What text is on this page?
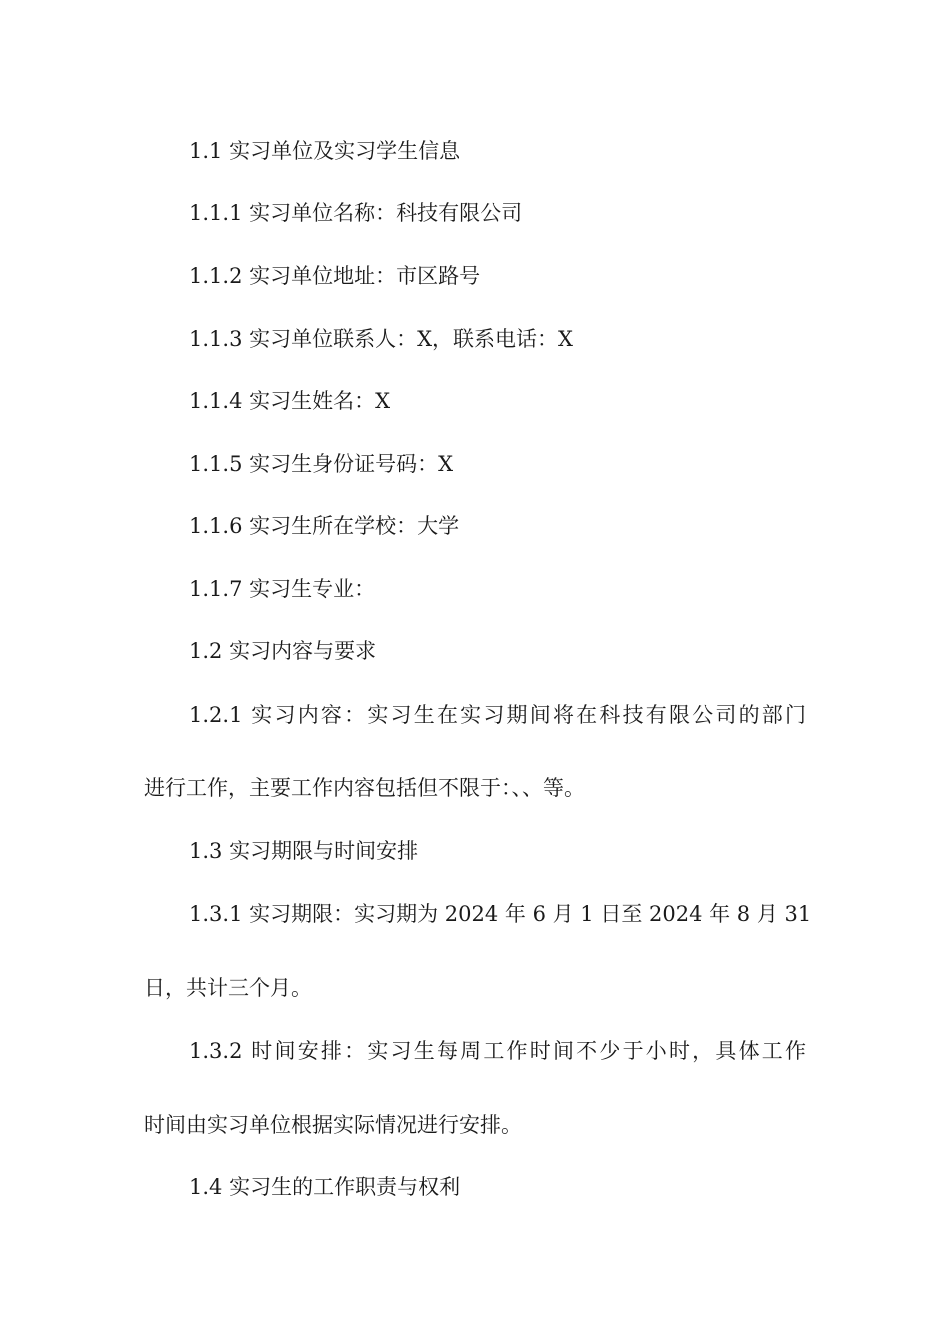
1.1 实习单位及实习学生信息

1.1.1 实习单位名称：科技有限公司

1.1.2 实习单位地址：市区路号

1.1.3 实习单位联系人：X，联系电话：X

1.1.4 实习生姓名：X

1.1.5 实习生身份证号码：X

1.1.6 实习生所在学校：大学

1.1.7 实习生专业：

1.2 实习内容与要求

1.2.1 实习内容：实习生在实习期间将在科技有限公司的部门

进行工作，主要工作内容包括但不限于：、、等。

1.3 实习期限与时间安排

1.3.1 实习期限：实习期为 2024 年 6 月 1 日至 2024 年 8 月 31

日，共计三个月。

1.3.2 时间安排：实习生每周工作时间不少于小时，具体工作

时间由实习单位根据实际情况进行安排。

1.4 实习生的工作职责与权利
